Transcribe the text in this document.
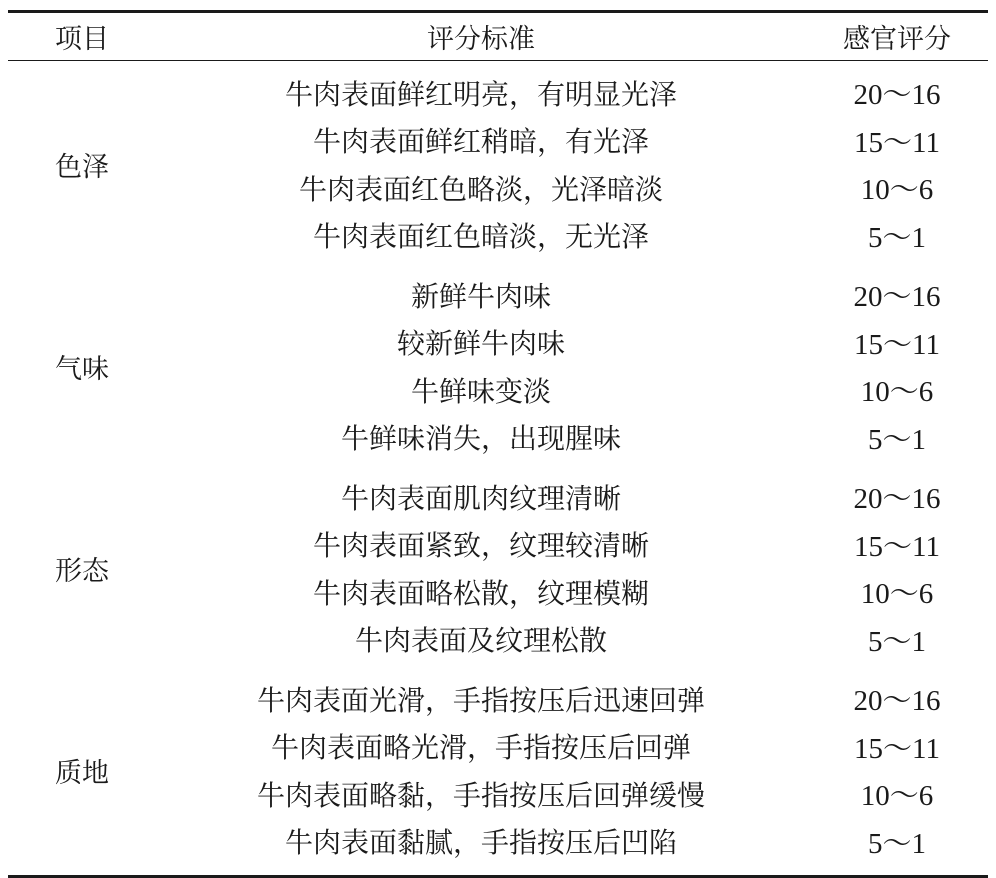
项目	评分标准	感官评分
色泽
牛肉表面鲜红明亮，有明显光泽	20～16
牛肉表面鲜红稍暗，有光泽	15～11
牛肉表面红色略淡，光泽暗淡	10～6
牛肉表面红色暗淡，无光泽	5～1
气味
新鲜牛肉味	20～16
较新鲜牛肉味	15～11
牛鲜味变淡	10～6
牛鲜味消失，出现腥味	5～1
形态
牛肉表面肌肉纹理清晰	20～16
牛肉表面紧致，纹理较清晰	15～11
牛肉表面略松散，纹理模糊	10～6
牛肉表面及纹理松散	5～1
质地
牛肉表面光滑，手指按压后迅速回弹	20～16
牛肉表面略光滑，手指按压后回弹	15～11
牛肉表面略黏，手指按压后回弹缓慢	10～6
牛肉表面黏腻，手指按压后凹陷	5～1
